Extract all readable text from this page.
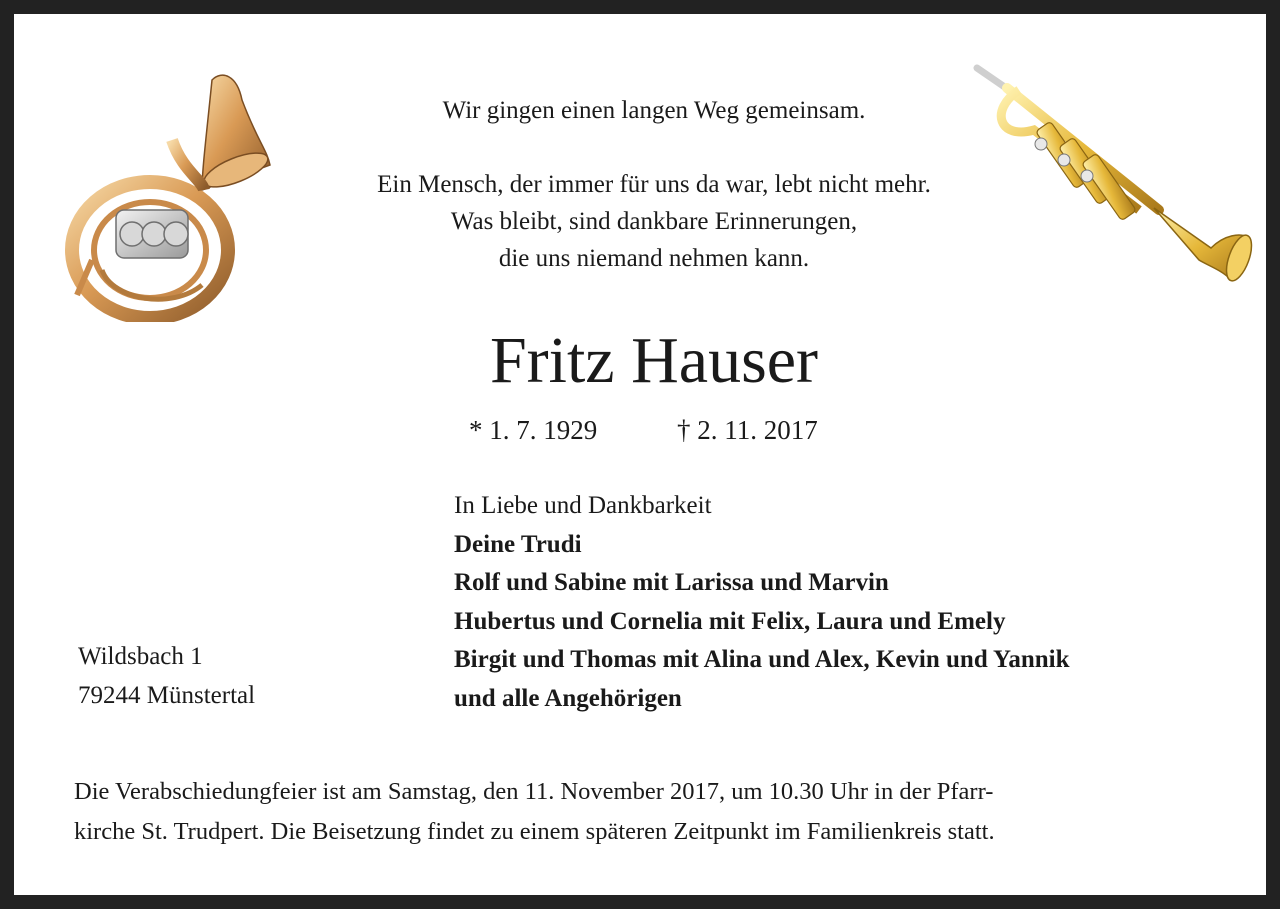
Wir gingen einen langen Weg gemeinsam.

Ein Mensch, der immer für uns da war, lebt nicht mehr.

Was bleibt, sind dankbare Erinnerungen,

die uns niemand nehmen kann.

Fritz Hauser
* 1. 7. 1929	† 2. 11. 2017
In Liebe und Dankbarkeit
Deine Trudi
Rolf und Sabine mit Larissa und Marvin
Hubertus und Cornelia mit Felix, Laura und Emely
Birgit und Thomas mit Alina und Alex, Kevin und Yannik
und alle Angehörigen
Wildsbach 1
79244 Münstertal

Die Verabschiedungfeier ist am Samstag, den 11. November 2017, um 10.30 Uhr in der Pfarr-

kirche St. Trudpert. Die Beisetzung findet zu einem späteren Zeitpunkt im Familienkreis statt.
